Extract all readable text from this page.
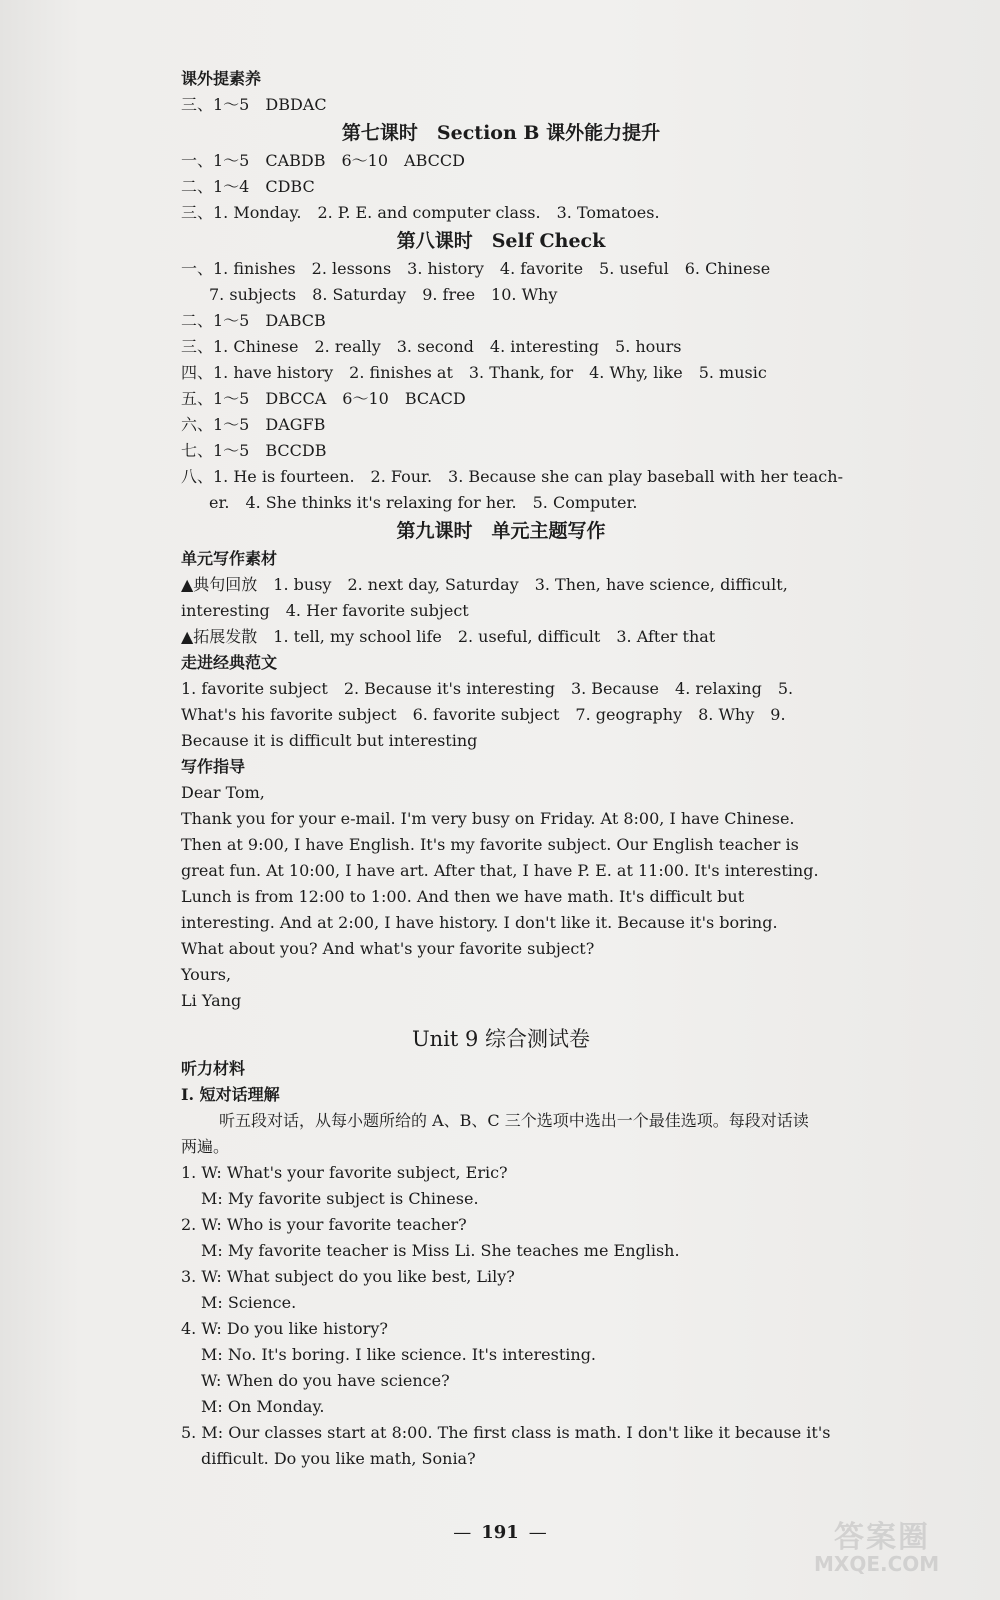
课外提素养
三、1～5　DBDAC
第七课时　Section B 课外能力提升
一、1～5　CABDB　6～10　ABCCD
二、1～4　CDBC
三、1. Monday.　2. P. E. and computer class.　3. Tomatoes.
第八课时　Self Check
一、1. finishes　2. lessons　3. history　4. favorite　5. useful　6. Chinese
7. subjects　8. Saturday　9. free　10. Why
二、1～5　DABCB
三、1. Chinese　2. really　3. second　4. interesting　5. hours
四、1. have history　2. finishes at　3. Thank, for　4. Why, like　5. music
五、1～5　DBCCA　6～10　BCACD
六、1～5　DAGFB
七、1～5　BCCDB
八、1. He is fourteen.　2. Four.　3. Because she can play baseball with her teach-
er.　4. She thinks it's relaxing for her.　5. Computer.
第九课时　单元主题写作
单元写作素材
▲典句回放　1. busy　2. next day, Saturday　3. Then, have science, difficult, interesting　4. Her favorite subject
▲拓展发散　1. tell, my school life　2. useful, difficult　3. After that
走进经典范文
1. favorite subject　2. Because it's interesting　3. Because　4. relaxing　5. What's his favorite subject　6. favorite subject　7. geography　8. Why　9. Because it is difficult but interesting
写作指导
Dear Tom,
Thank you for your e-mail. I'm very busy on Friday. At 8:00, I have Chinese. Then at 9:00, I have English. It's my favorite subject. Our English teacher is great fun. At 10:00, I have art. After that, I have P. E. at 11:00. It's interesting. Lunch is from 12:00 to 1:00. And then we have math. It's difficult but interesting. And at 2:00, I have history. I don't like it. Because it's boring.
What about you? And what's your favorite subject?
Yours,
Li Yang
Unit 9 综合测试卷
听力材料
Ⅰ. 短对话理解
听五段对话，从每小题所给的 A、B、C 三个选项中选出一个最佳选项。每段对话读两遍。
1. W: What's your favorite subject, Eric?
M: My favorite subject is Chinese.
2. W: Who is your favorite teacher?
M: My favorite teacher is Miss Li. She teaches me English.
3. W: What subject do you like best, Lily?
M: Science.
4. W: Do you like history?
M: No. It's boring. I like science. It's interesting.
W: When do you have science?
M: On Monday.
5. M: Our classes start at 8:00. The first class is math. I don't like it because it's
difficult. Do you like math, Sonia?
— 191 —	答案圈
MXQE.COM
